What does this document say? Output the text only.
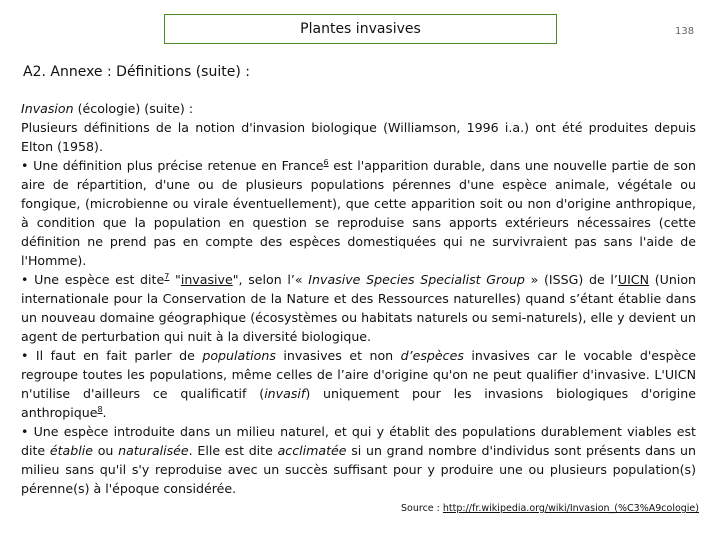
Plantes invasives	138
A2. Annexe : Définitions (suite) :

Invasion (écologie) (suite) :

Plusieurs définitions de la notion d'invasion biologique (Williamson, 1996 i.a.) ont été produites depuis Elton (1958).

• Une définition plus précise retenue en France$^6$ est l'apparition durable, dans une nouvelle partie de son aire de répartition, d'une ou de plusieurs populations pérennes d'une espèce animale, végétale ou fongique, (microbienne ou virale éventuellement), que cette apparition soit ou non d'origine anthropique, à condition que la population en question se reproduise sans apports extérieurs nécessaires (cette définition ne prend pas en compte des espèces domestiquées qui ne survivraient pas sans l'aide de l'Homme).

• Une espèce est dite$^7$ "invasive", selon l’« Invasive Species Specialist Group » (ISSG) de l’UICN (Union internationale pour la Conservation de la Nature et des Ressources naturelles) quand s’étant établie dans un nouveau domaine géographique (écosystèmes ou habitats naturels ou semi-naturels), elle y devient un agent de perturbation qui nuit à la diversité biologique.

• Il faut en fait parler de populations invasives et non d’espèces invasives car le vocable d'espèce regroupe toutes les populations, même celles de l’aire d'origine qu'on ne peut qualifier d'invasive. L'UICN n'utilise d'ailleurs ce qualificatif (invasif) uniquement pour les invasions biologiques d'origine anthropique$^8$.

• Une espèce introduite dans un milieu naturel, et qui y établit des populations durablement viables est dite établie ou naturalisée. Elle est dite acclimatée si un grand nombre d'individus sont présents dans un milieu sans qu'il s'y reproduise avec un succès suffisant pour y produire une ou plusieurs population(s) pérenne(s) à l'époque considérée.

Source : http://fr.wikipedia.org/wiki/Invasion_(%C3%A9cologie)
